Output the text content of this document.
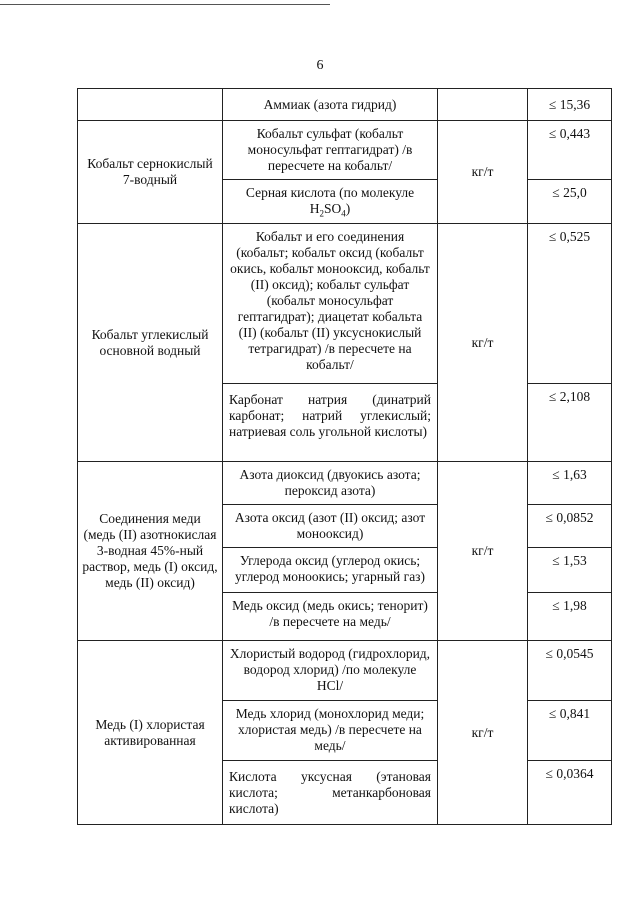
6
	Аммиак (азота гидрид)		≤ 15,36
Кобальт сернокислый 7-водный	Кобальт сульфат (кобальт моносульфат гептагидрат) /в пересчете на кобальт/	кг/т	≤ 0,443
	Серная кислота (по молекуле $H_2SO_4$)		≤ 25,0
Кобальт углекислый основной водный	Кобальт и его соединения (кобальт; кобальт оксид (кобальт окись, кобальт монооксид, кобальт (II) оксид); кобальт сульфат (кобальт моносульфат гептагидрат); диацетат кобальта (II) (кобальт (II) уксуснокислый тетрагидрат) /в пересчете на кобальт/	кг/т	≤ 0,525
	Карбонат натрия (динатрий карбонат; натрий углекислый; натриевая соль угольной кислоты)		≤ 2,108
Соединения меди (медь (II) азотнокислая 3-водная 45%-ный раствор, медь (I) оксид, медь (II) оксид)	Азота диоксид (двуокись азота; пероксид азота)	кг/т	≤ 1,63
	Азота оксид (азот (II) оксид; азот монооксид)		≤ 0,0852
	Углерода оксид (углерод окись; углерод моноокись; угарный газ)		≤ 1,53
	Медь оксид (медь окись; тенорит) /в пересчете на медь/		≤ 1,98
Медь (I) хлористая активированная	Хлористый водород (гидрохлорид, водород хлорид) /по молекуле HCl/	кг/т	≤ 0,0545
	Медь хлорид (монохлорид меди; хлористая медь) /в пересчете на медь/		≤ 0,841
	Кислота уксусная (этановая кислота; метанкарбоновая кислота)		≤ 0,0364
